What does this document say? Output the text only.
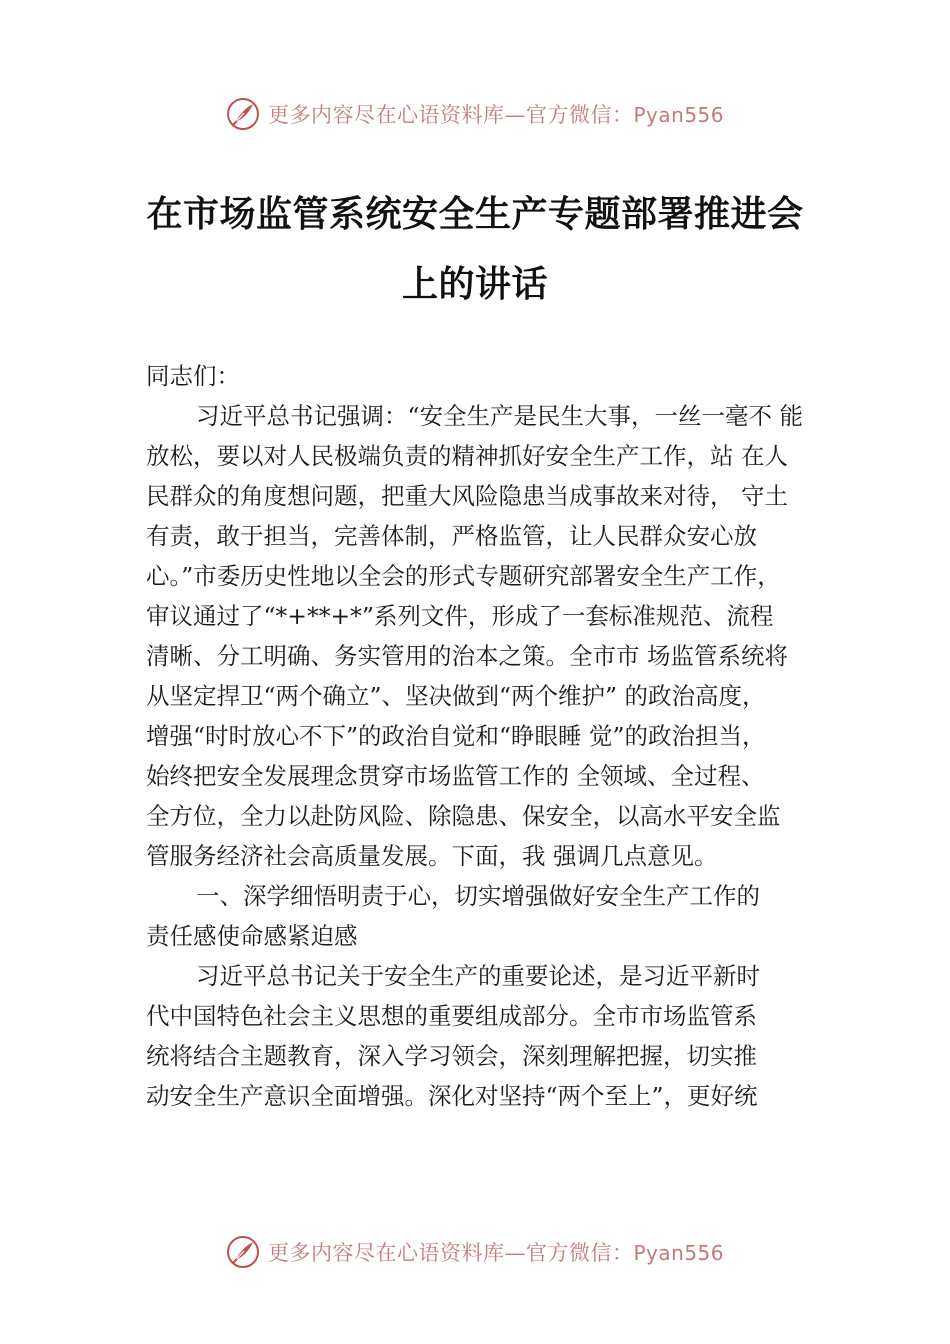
更多内容尽在心语资料库—官方微信：Pyan556
在市场监管系统安全生产专题部署推进会
上的讲话
同志们：
习近平总书记强调：“安全生产是民生大事，一丝一毫不 能
放松，要以对人民极端负责的精神抓好安全生产工作，站 在人
民群众的角度想问题，把重大风险隐患当成事故来对待， 守土
有责，敢于担当，完善体制，严格监管，让人民群众安心放
心。”市委历史性地以全会的形式专题研究部署安全生产工作，
审议通过了“*+**+*”系列文件，形成了一套标准规范、流程
清晰、分工明确、务实管用的治本之策。全市市 场监管系统将
从坚定捍卫“两个确立”、坚决做到“两个维护” 的政治高度，
增强“时时放心不下”的政治自觉和“睁眼睡 觉”的政治担当，
始终把安全发展理念贯穿市场监管工作的 全领域、全过程、
全方位，全力以赴防风险、除隐患、保安全，以高水平安全监
管服务经济社会高质量发展。下面，我 强调几点意见。
一、深学细悟明责于心，切实增强做好安全生产工作的
责任感使命感紧迫感
习近平总书记关于安全生产的重要论述，是习近平新时
代中国特色社会主义思想的重要组成部分。全市市场监管系
统将结合主题教育，深入学习领会，深刻理解把握，切实推
动安全生产意识全面增强。深化对坚持“两个至上”，更好统
更多内容尽在心语资料库—官方微信：Pyan556
